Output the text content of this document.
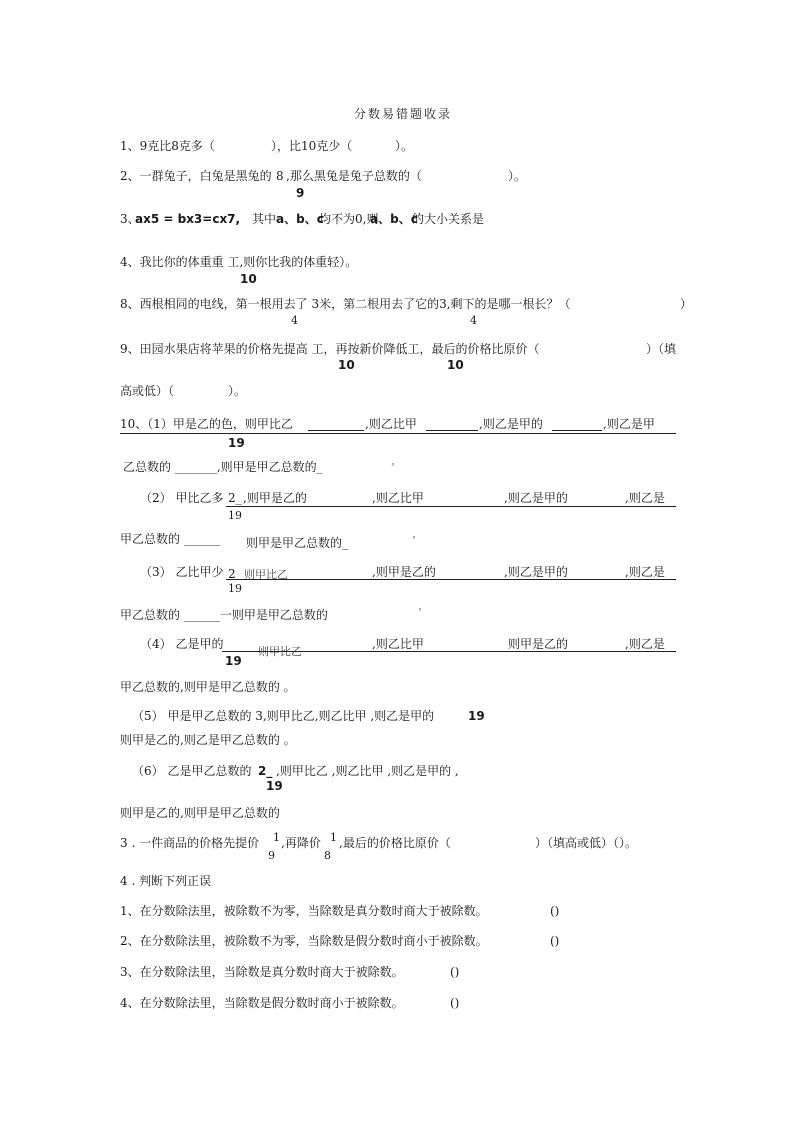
分数易错题收录
1、9克比8克多（	），比10克少（	）。
2、一群兔子，白兔是黑兔的 8 ,那么黑兔是兔子总数的（	）。
9
3、
ax5 = bx3=cx7, 其中 a、b、c
均不为0,则
a、b、c
的大小关系是
4、我比你的体重重 工,则你比我的体重轻）。
10
8、西根相同的电线，第一根用去了 3米，第二根用去了它的3,剩下的是哪一根长？（	）
4	4
9、田园水果店将苹果的价格先提高 工，再按新价降低工，最后的价格比原价（	）（填
10	10
高或低）（	）。
10、（1）甲是乙的色，则甲比乙	,则乙比甲	,则乙是甲的	,则乙是甲
19
乙总数的 _______,则甲是甲乙总数的_	°
（2） 甲比乙多 2_ ,则甲是乙的	,则乙比甲	,则乙是甲的	,则乙是
19
甲乙总数的 ______ 则甲是甲乙总数的_	°
（3） 乙比甲少 2 则甲比乙	,则甲是乙的	,则乙是甲的	,则乙是
19
甲乙总数的 ______一则甲是甲乙总数的	°
（4） 乙是甲的
则甲比乙
,则乙比甲	则甲是乙的	,则乙是
19
甲乙总数的,则甲是甲乙总数的 。
（5） 甲是甲乙总数的 3,则甲比乙,则乙比甲 ,则乙是甲的	19
则甲是乙的,则乙是甲乙总数的 。
（6） 乙是甲乙总数的 2_ ,则甲比乙 ,则乙比甲 ,则乙是甲的 ,
19
则甲是乙的,则甲是甲乙总数的
3 . 一件商品的价格先提价 1 ,再降价 1 ,最后的价格比原价（	）（填高或低）（）。
9	8
4 . 判断下列正误
1、在分数除法里，被除数不为零，当除数是真分数时商大于被除数。	()
2、在分数除法里，被除数不为零，当除数是假分数时商小于被除数。	()
3、在分数除法里，当除数是真分数时商大于被除数。	()
4、在分数除法里，当除数是假分数时商小于被除数。	()
